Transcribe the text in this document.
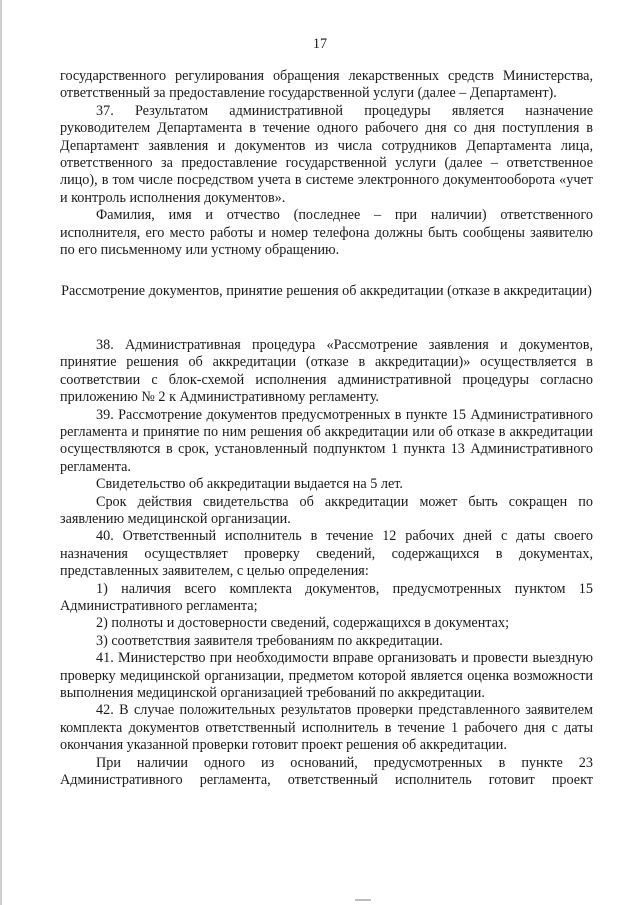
17

государственного регулирования обращения лекарственных средств Министерства, ответственный за предоставление государственной услуги (далее – Департамент).

37. Результатом административной процедуры является назначение руководителем Департамента в течение одного рабочего дня со дня поступления в Департамент заявления и документов из числа сотрудников Департамента лица, ответственного за предоставление государственной услуги (далее – ответственное лицо), в том числе посредством учета в системе электронного документооборота «учет и контроль исполнения документов».

Фамилия, имя и отчество (последнее – при наличии) ответственного исполнителя, его место работы и номер телефона должны быть сообщены заявителю по его письменному или устному обращению.

Рассмотрение документов, принятие решения об аккредитации (отказе в аккредитации)

38. Административная процедура «Рассмотрение заявления и документов, принятие решения об аккредитации (отказе в аккредитации)» осуществляется в соответствии с блок-схемой исполнения административной процедуры согласно приложению № 2 к Административному регламенту.

39. Рассмотрение документов предусмотренных в пункте 15 Административного регламента и принятие по ним решения об аккредитации или об отказе в аккредитации осуществляются в срок, установленный подпунктом 1 пункта 13 Административного регламента.

Свидетельство об аккредитации выдается на 5 лет.

Срок действия свидетельства об аккредитации может быть сокращен по заявлению медицинской организации.

40. Ответственный исполнитель в течение 12 рабочих дней с даты своего назначения осуществляет проверку сведений, содержащихся в документах, представленных заявителем, с целью определения:

1) наличия всего комплекта документов, предусмотренных пунктом 15 Административного регламента;

2) полноты и достоверности сведений, содержащихся в документах;

3) соответствия заявителя требованиям по аккредитации.

41. Министерство при необходимости вправе организовать и провести выездную проверку медицинской организации, предметом которой является оценка возможности выполнения медицинской организацией требований по аккредитации.

42. В случае положительных результатов проверки представленного заявителем комплекта документов ответственный исполнитель в течение 1 рабочего дня с даты окончания указанной проверки готовит проект решения об аккредитации.

При наличии одного из оснований, предусмотренных в пункте 23 Административного регламента, ответственный исполнитель готовит проект
